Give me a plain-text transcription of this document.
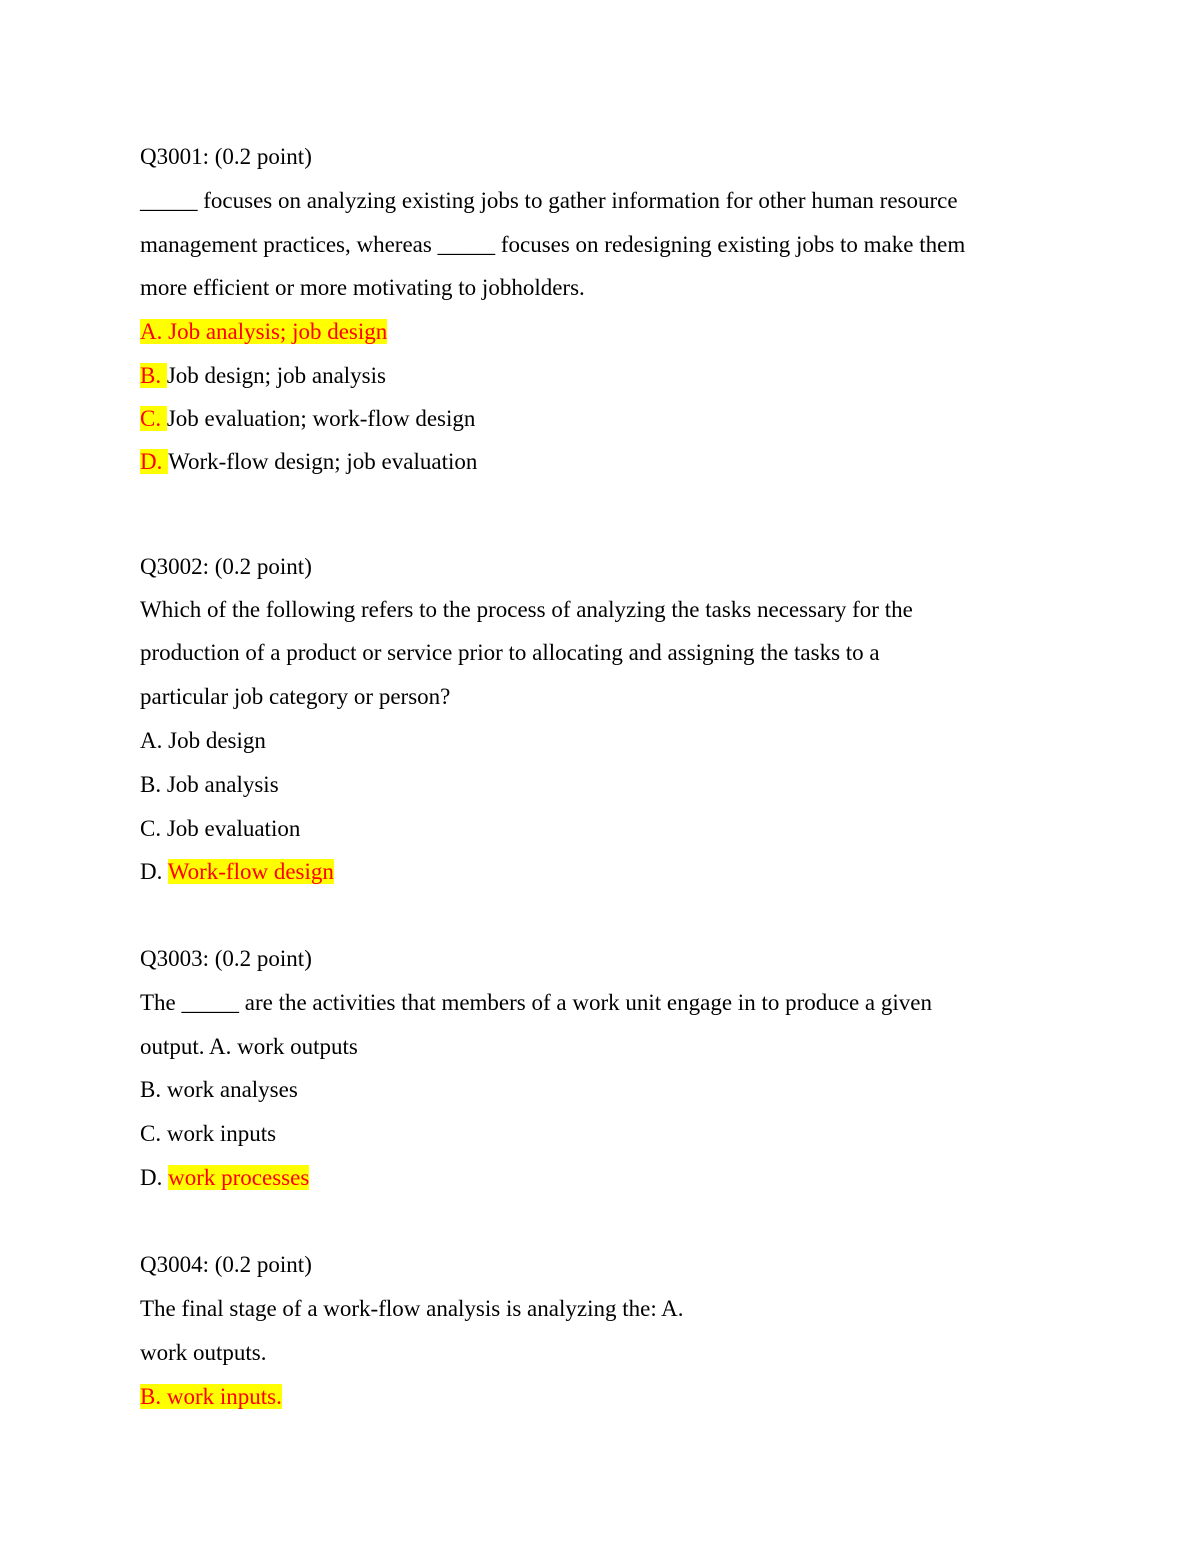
Q3001: (0.2 point)
_____ focuses on analyzing existing jobs to gather information for other human resource
management practices, whereas _____ focuses on redesigning existing jobs to make them
more efficient or more motivating to jobholders.
A. Job analysis; job design
B. Job design; job analysis
C. Job evaluation; work-flow design
D. Work-flow design; job evaluation
Q3002: (0.2 point)
Which of the following refers to the process of analyzing the tasks necessary for the
production of a product or service prior to allocating and assigning the tasks to a
particular job category or person?
A. Job design
B. Job analysis
C. Job evaluation
D. Work-flow design
Q3003: (0.2 point)
The _____ are the activities that members of a work unit engage in to produce a given
output. A. work outputs
B. work analyses
C. work inputs
D. work processes
Q3004: (0.2 point)
The final stage of a work-flow analysis is analyzing the: A.
work outputs.
B. work inputs.
